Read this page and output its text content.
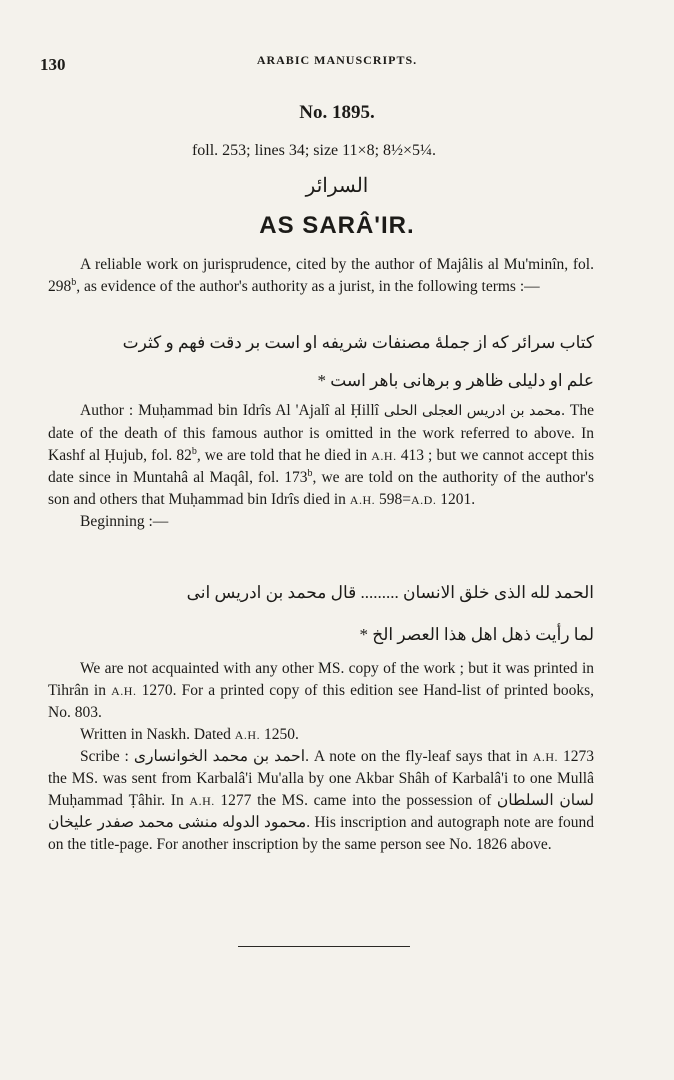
130	ARABIC MANUSCRIPTS.
No. 1895.
foll. 253; lines 34; size 11×8; 8½×5¼.
السرائر
AS SARÂ'IR.

A reliable work on jurisprudence, cited by the author of Majâlis al Mu'minîn, fol. 298$^b$, as evidence of the author's authority as a jurist, in the following terms :—

کتاب سرائر که از جملۀ مصنفات شریفه او است بر دقت فهم و کثرت
علم او دلیلی ظاهر و برهانی باهر است *

Author : Muḥammad bin Idrîs Al 'Ajalî al Ḥillî محمد بن ادریس العجلی الحلی. The date of the death of this famous author is omitted in the work referred to above. In Kashf al Ḥujub, fol. 82$^b$, we are told that he died in A.H. 413 ; but we cannot accept this date since in Muntahâ al Maqâl, fol. 173$^b$, we are told on the authority of the author's son and others that Muḥammad bin Idrîs died in A.H. 598=A.D. 1201.

Beginning :—

الحمد لله الذی خلق الانسان ......... قال محمد بن ادریس انی
لما رأیت ذهل اهل هذا العصر الخ *

We are not acquainted with any other MS. copy of the work ; but it was printed in Tihrân in A.H. 1270. For a printed copy of this edition see Hand-list of printed books, No. 803.

Written in Naskh. Dated A.H. 1250.

Scribe : احمد بن محمد الخوانساری. A note on the fly-leaf says that in A.H. 1273 the MS. was sent from Karbalâ'i Mu'alla by one Akbar Shâh of Karbalâ'i to one Mullâ Muḥammad Ṭâhir. In A.H. 1277 the MS. came into the possession of لسان السلطان محمود الدوله منشی محمد صفدر علیخان. His inscription and autograph note are found on the title-page. For another inscription by the same person see No. 1826 above.
